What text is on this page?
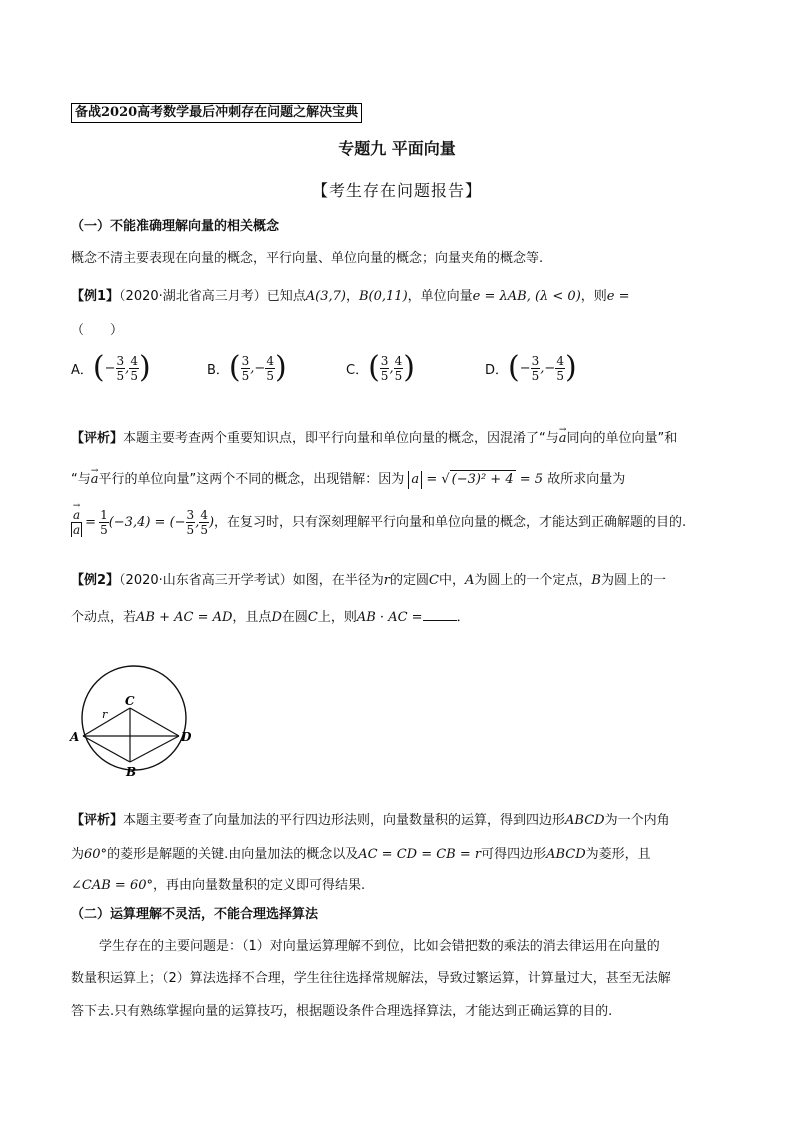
备战2020高考数学最后冲刺存在问题之解决宝典
专题九 平面向量
【考生存在问题报告】
（一）不能准确理解向量的相关概念
概念不清主要表现在向量的概念，平行向量、单位向量的概念；向量夹角的概念等.
【例1】（2020·湖北省高三月考）已知点A(3,7)，B(0,11)，单位向量e = λAB, (λ < 0)，则e =
（　　）
A． ( − $\frac{3}{5}$ , $\frac{4}{5}$ )	B． ( $\frac{3}{5}$ , − $\frac{4}{5}$ )	C． ( $\frac{3}{5}$ , $\frac{4}{5}$ )	D． ( − $\frac{3}{5}$ , − $\frac{4}{5}$ )
【评析】本题主要考查两个重要知识点，即平行向量和单位向量的概念，因混淆了“与→ a同向的单位向量”和
“与→ a平行的单位向量”这两个不同的概念，出现错解：因为 a = √ (−3)² + 4 = 5 故所求向量为
→ $\frac{a}{a} = \frac{1}{5} (-3,4)$ = (− $\frac{3}{5}$ , $\frac{4}{5}$ ) ，在复习时，只有深刻理解平行向量和单位向量的概念，才能达到正确解题的目的.
【例2】（2020·山东省高三开学考试）如图，在半径为r的定圆C中，A为圆上的一个定点，B为圆上的一
个动点，若AB + AC = AD，且点D在圆C上，则AB · AC =	．
A
B
C
D
r
【评析】本题主要考查了向量加法的平行四边形法则，向量数量积的运算，得到四边形ABCD为一个内角
为60°的菱形是解题的关键.由向量加法的概念以及AC = CD = CB = r可得四边形ABCD为菱形，且
∠CAB = 60°，再由向量数量积的定义即可得结果.
（二）运算理解不灵活，不能合理选择算法
学生存在的主要问题是：（1）对向量运算理解不到位，比如会错把数的乘法的消去律运用在向量的
数量积运算上；（2）算法选择不合理，学生往往选择常规解法，导致过繁运算，计算量过大，甚至无法解
答下去.只有熟练掌握向量的运算技巧，根据题设条件合理选择算法，才能达到正确运算的目的.
